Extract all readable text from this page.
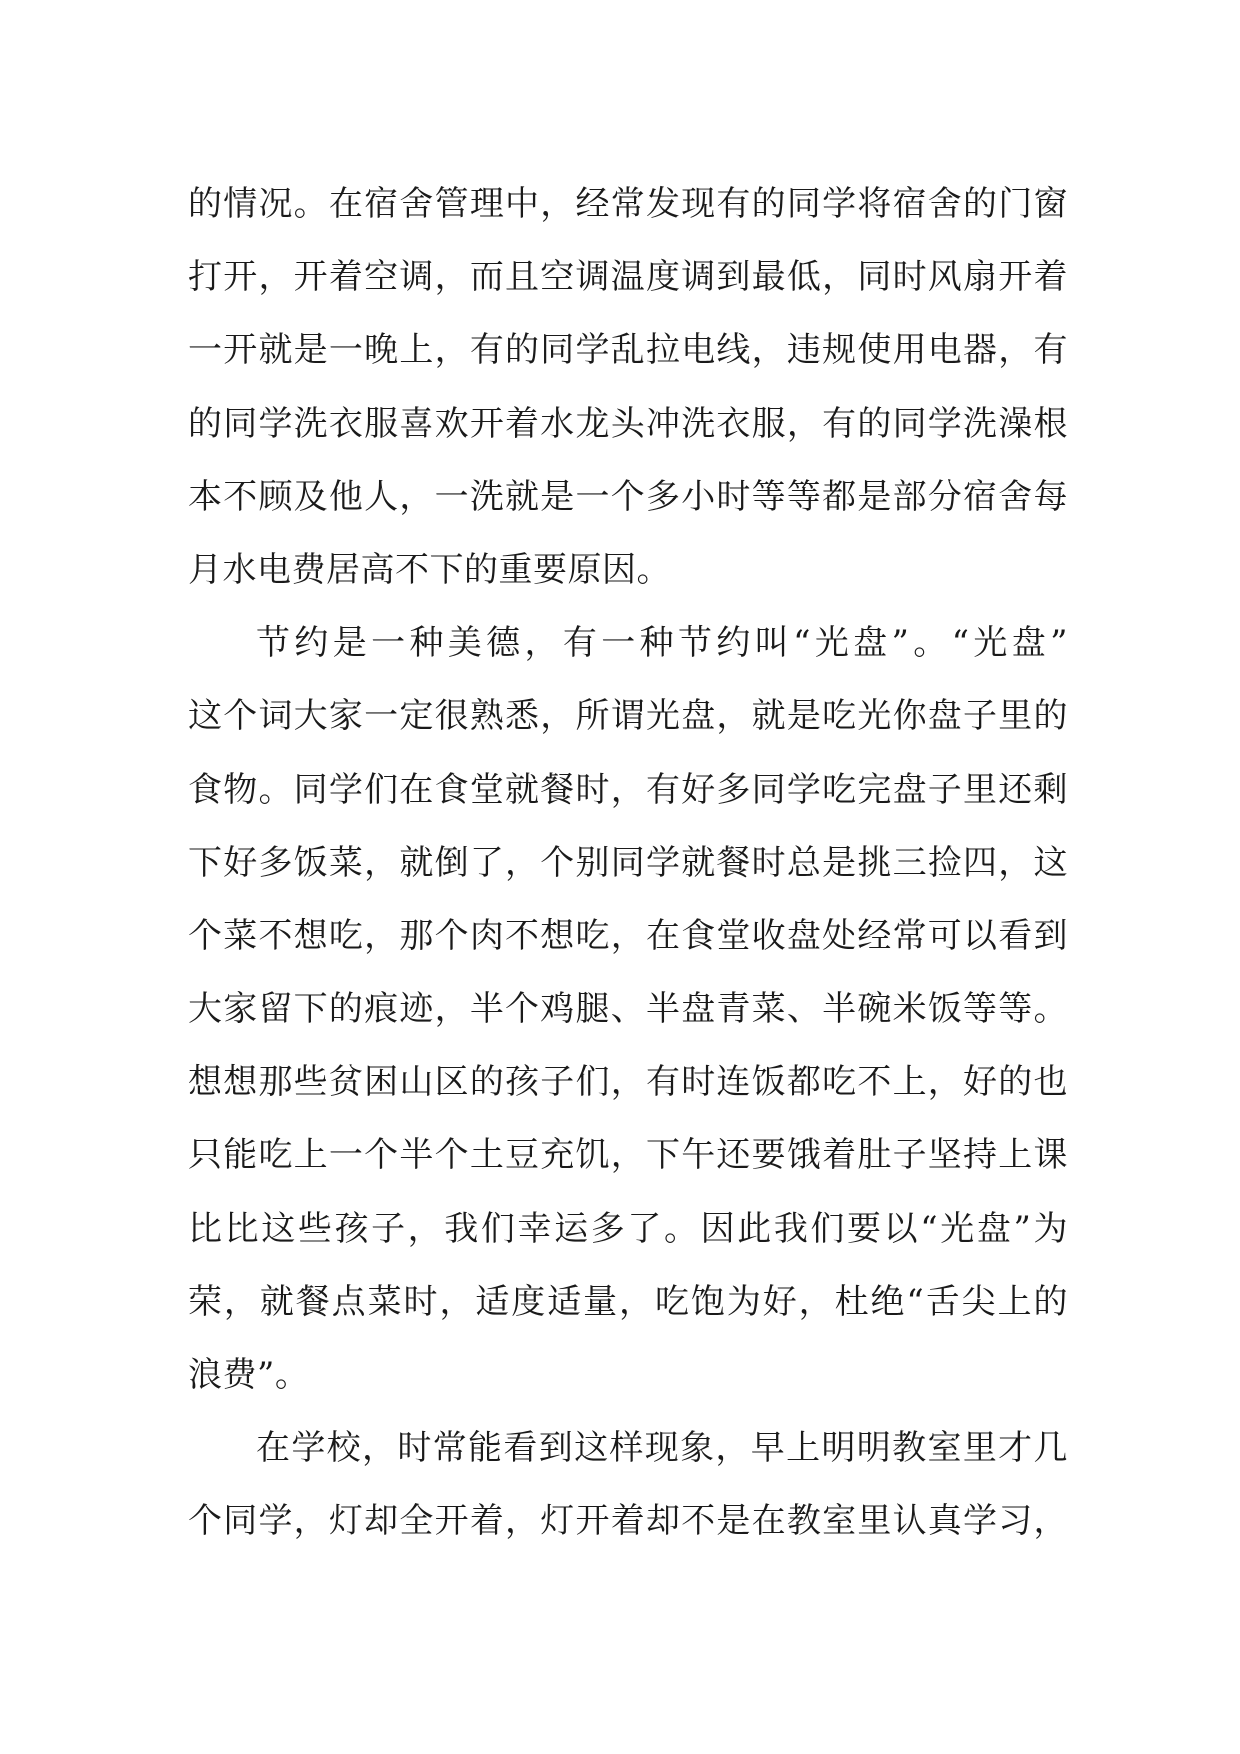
的情况。在宿舍管理中，经常发现有的同学将宿舍的门窗
打开，开着空调，而且空调温度调到最低，同时风扇开着
一开就是一晚上，有的同学乱拉电线，违规使用电器，有
的同学洗衣服喜欢开着水龙头冲洗衣服，有的同学洗澡根
本不顾及他人，一洗就是一个多小时等等都是部分宿舍每
月水电费居高不下的重要原因。
节约是一种美德，有一种节约叫“光盘”。“光盘”
这个词大家一定很熟悉，所谓光盘，就是吃光你盘子里的
食物。同学们在食堂就餐时，有好多同学吃完盘子里还剩
下好多饭菜，就倒了，个别同学就餐时总是挑三捡四，这
个菜不想吃，那个肉不想吃，在食堂收盘处经常可以看到
大家留下的痕迹，半个鸡腿、半盘青菜、半碗米饭等等。
想想那些贫困山区的孩子们，有时连饭都吃不上，好的也
只能吃上一个半个土豆充饥，下午还要饿着肚子坚持上课
比比这些孩子，我们幸运多了。因此我们要以“光盘”为
荣，就餐点菜时，适度适量，吃饱为好，杜绝“舌尖上的
浪费”。
在学校，时常能看到这样现象，早上明明教室里才几
个同学，灯却全开着，灯开着却不是在教室里认真学习，
